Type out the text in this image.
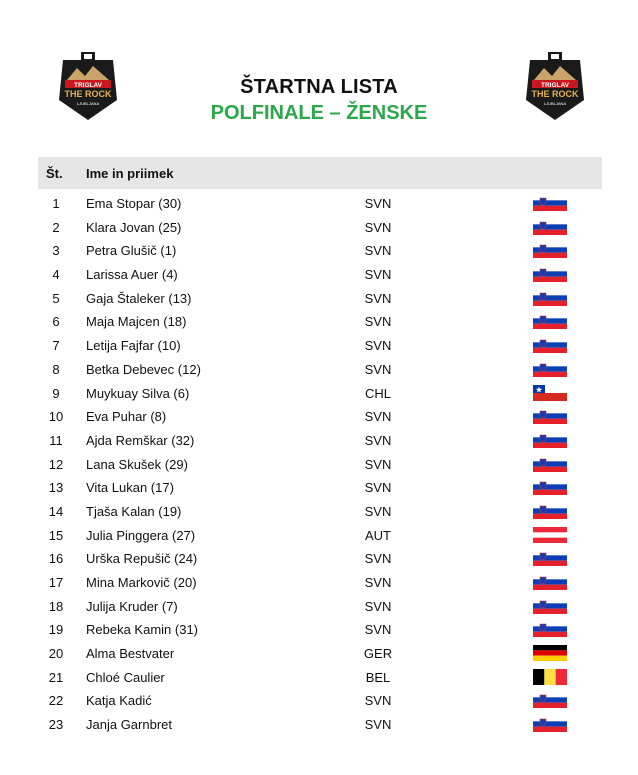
TRIGLAV
THE ROCK
LJUBLJANA
TRIGLAV
THE ROCK
LJUBLJANA
ŠTARTNA LISTA
POLFINALE – ŽENSKE
Št. Ime in priimek
1	Ema Stopar (30)	SVN
2	Klara Jovan (25)	SVN
3	Petra Glušič (1)	SVN
4	Larissa Auer (4)	SVN
5	Gaja Štaleker (13)	SVN
6	Maja Majcen (18)	SVN
7	Letija Fajfar (10)	SVN
8	Betka Debevec (12)	SVN
9	Muykuay Silva (6)	CHL
10	Eva Puhar (8)	SVN
11	Ajda Remškar (32)	SVN
12	Lana Skušek (29)	SVN
13	Vita Lukan (17)	SVN
14	Tjaša Kalan (19)	SVN
15	Julia Pinggera (27)	AUT
16	Urška Repušič (24)	SVN
17	Mina Markovič (20)	SVN
18	Julija Kruder (7)	SVN
19	Rebeka Kamin (31)	SVN
20	Alma Bestvater	GER
21	Chloé Caulier	BEL
22	Katja Kadić	SVN
23	Janja Garnbret	SVN
